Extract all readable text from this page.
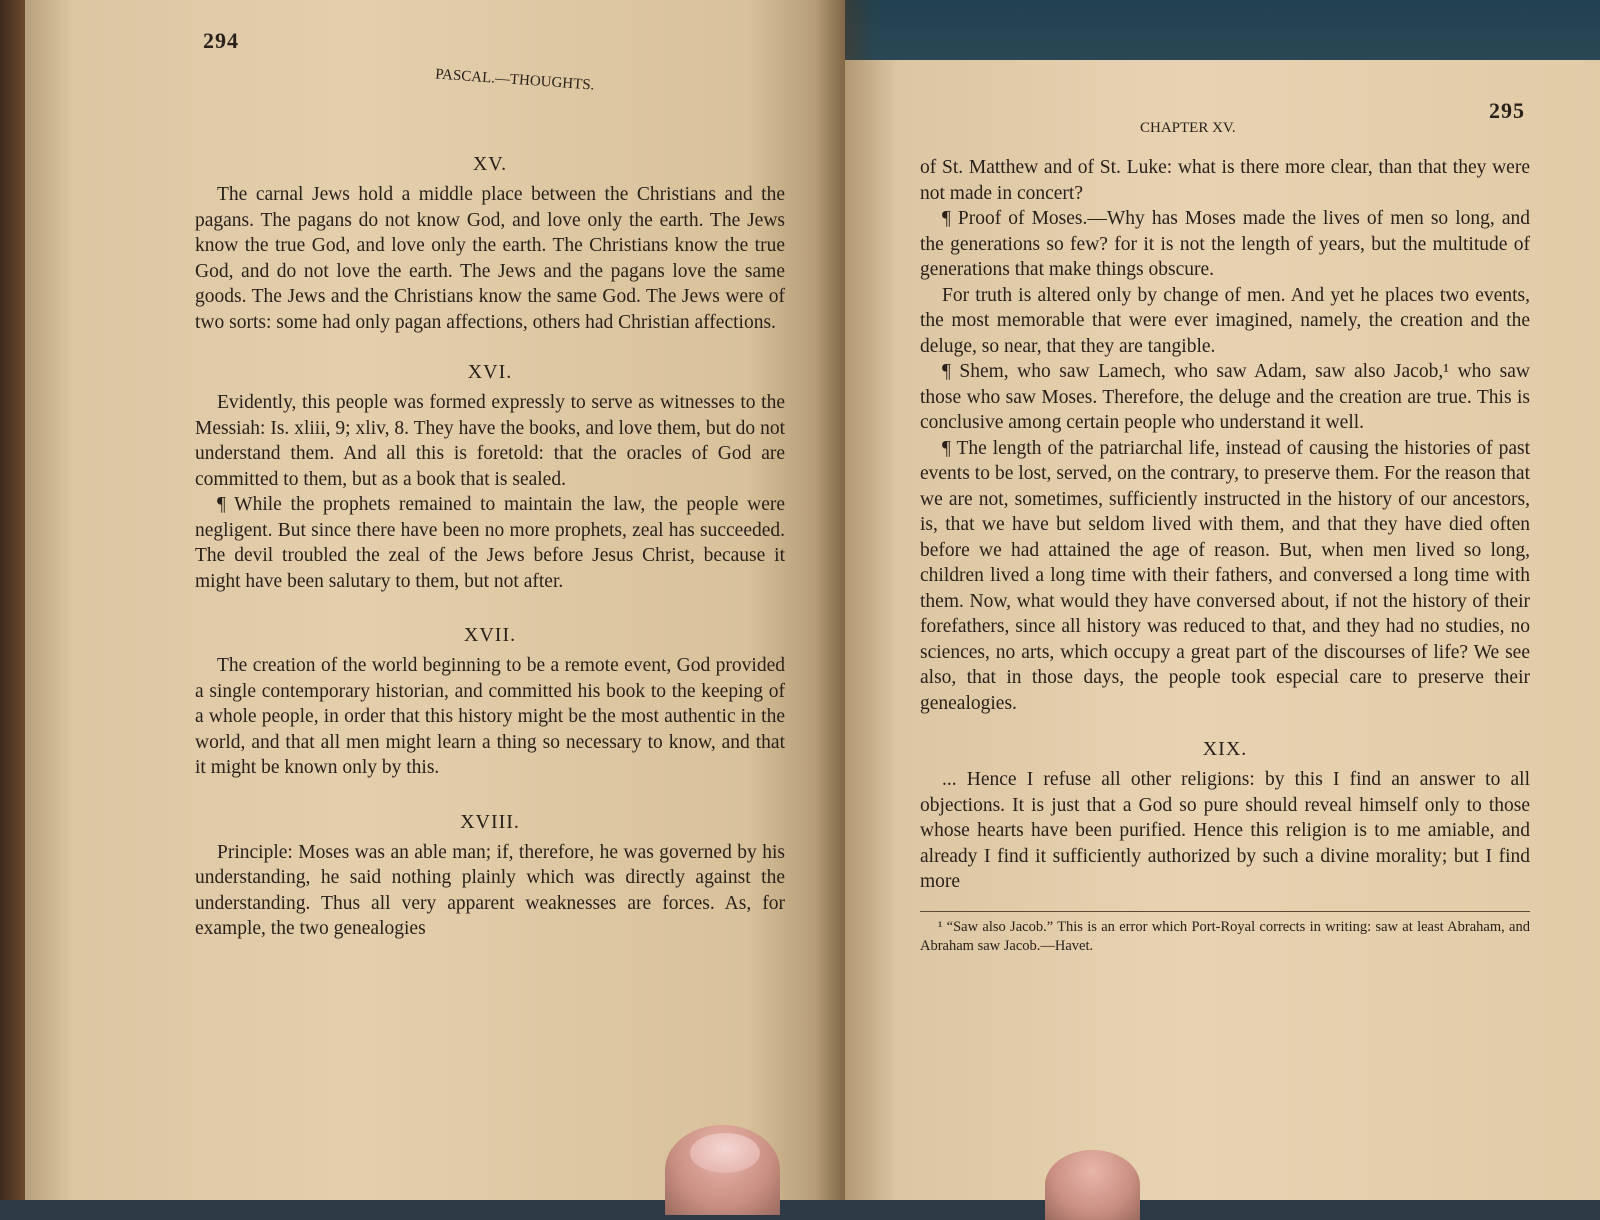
294
PASCAL.—THOUGHTS.
XV.

The carnal Jews hold a middle place between the Christians and the pagans. The pagans do not know God, and love only the earth. The Jews know the true God, and love only the earth. The Christians know the true God, and do not love the earth. The Jews and the pagans love the same goods. The Jews and the Christians know the same God. The Jews were of two sorts: some had only pagan affections, others had Christian affections.

XVI.

Evidently, this people was formed expressly to serve as witnesses to the Messiah: Is. xliii, 9; xliv, 8. They have the books, and love them, but do not understand them. And all this is foretold: that the oracles of God are committed to them, but as a book that is sealed.

¶ While the prophets remained to maintain the law, the people were negligent. But since there have been no more prophets, zeal has succeeded. The devil troubled the zeal of the Jews before Jesus Christ, because it might have been salutary to them, but not after.

XVII.

The creation of the world beginning to be a remote event, God provided a single contemporary historian, and committed his book to the keeping of a whole people, in order that this history might be the most authentic in the world, and that all men might learn a thing so necessary to know, and that it might be known only by this.

XVIII.

Principle: Moses was an able man; if, therefore, he was governed by his understanding, he said nothing plainly which was directly against the understanding. Thus all very apparent weaknesses are forces. As, for example, the two genealogies

CHAPTER XV.
295

of St. Matthew and of St. Luke: what is there more clear, than that they were not made in concert?

¶ Proof of Moses.—Why has Moses made the lives of men so long, and the generations so few? for it is not the length of years, but the multitude of generations that make things obscure.

For truth is altered only by change of men. And yet he places two events, the most memorable that were ever imagined, namely, the creation and the deluge, so near, that they are tangible.

¶ Shem, who saw Lamech, who saw Adam, saw also Jacob,¹ who saw those who saw Moses. Therefore, the deluge and the creation are true. This is conclusive among certain people who understand it well.

¶ The length of the patriarchal life, instead of causing the histories of past events to be lost, served, on the contrary, to preserve them. For the reason that we are not, sometimes, sufficiently instructed in the history of our ancestors, is, that we have but seldom lived with them, and that they have died often before we had attained the age of reason. But, when men lived so long, children lived a long time with their fathers, and conversed a long time with them. Now, what would they have conversed about, if not the history of their forefathers, since all history was reduced to that, and they had no studies, no sciences, no arts, which occupy a great part of the discourses of life? We see also, that in those days, the people took especial care to preserve their genealogies.

XIX.

... Hence I refuse all other religions: by this I find an answer to all objections. It is just that a God so pure should reveal himself only to those whose hearts have been purified. Hence this religion is to me amiable, and already I find it sufficiently authorized by such a divine morality; but I find more

¹ “Saw also Jacob.” This is an error which Port-Royal corrects in writing: saw at least Abraham, and Abraham saw Jacob.—Havet.
